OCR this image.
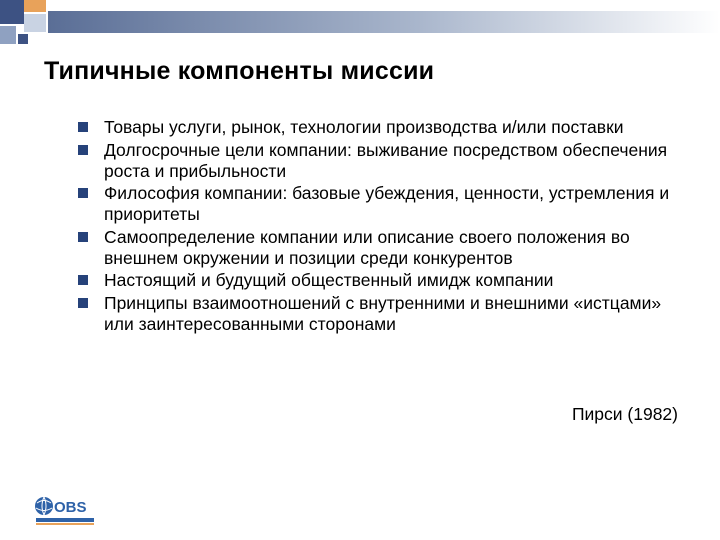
Типичные компоненты миссии
Товары услуги, рынок, технологии производства и/или поставки
Долгосрочные цели компании: выживание посредством обеспечения роста и прибыльности
Философия компании: базовые убеждения, ценности, устремления и приоритеты
Самоопределение компании или описание своего положения во внешнем окружении и позиции среди конкурентов
Настоящий и будущий общественный имидж компании
Принципы взаимоотношений с внутренними и внешними «истцами» или заинтересованными сторонами
Пирси (1982)
OBS
